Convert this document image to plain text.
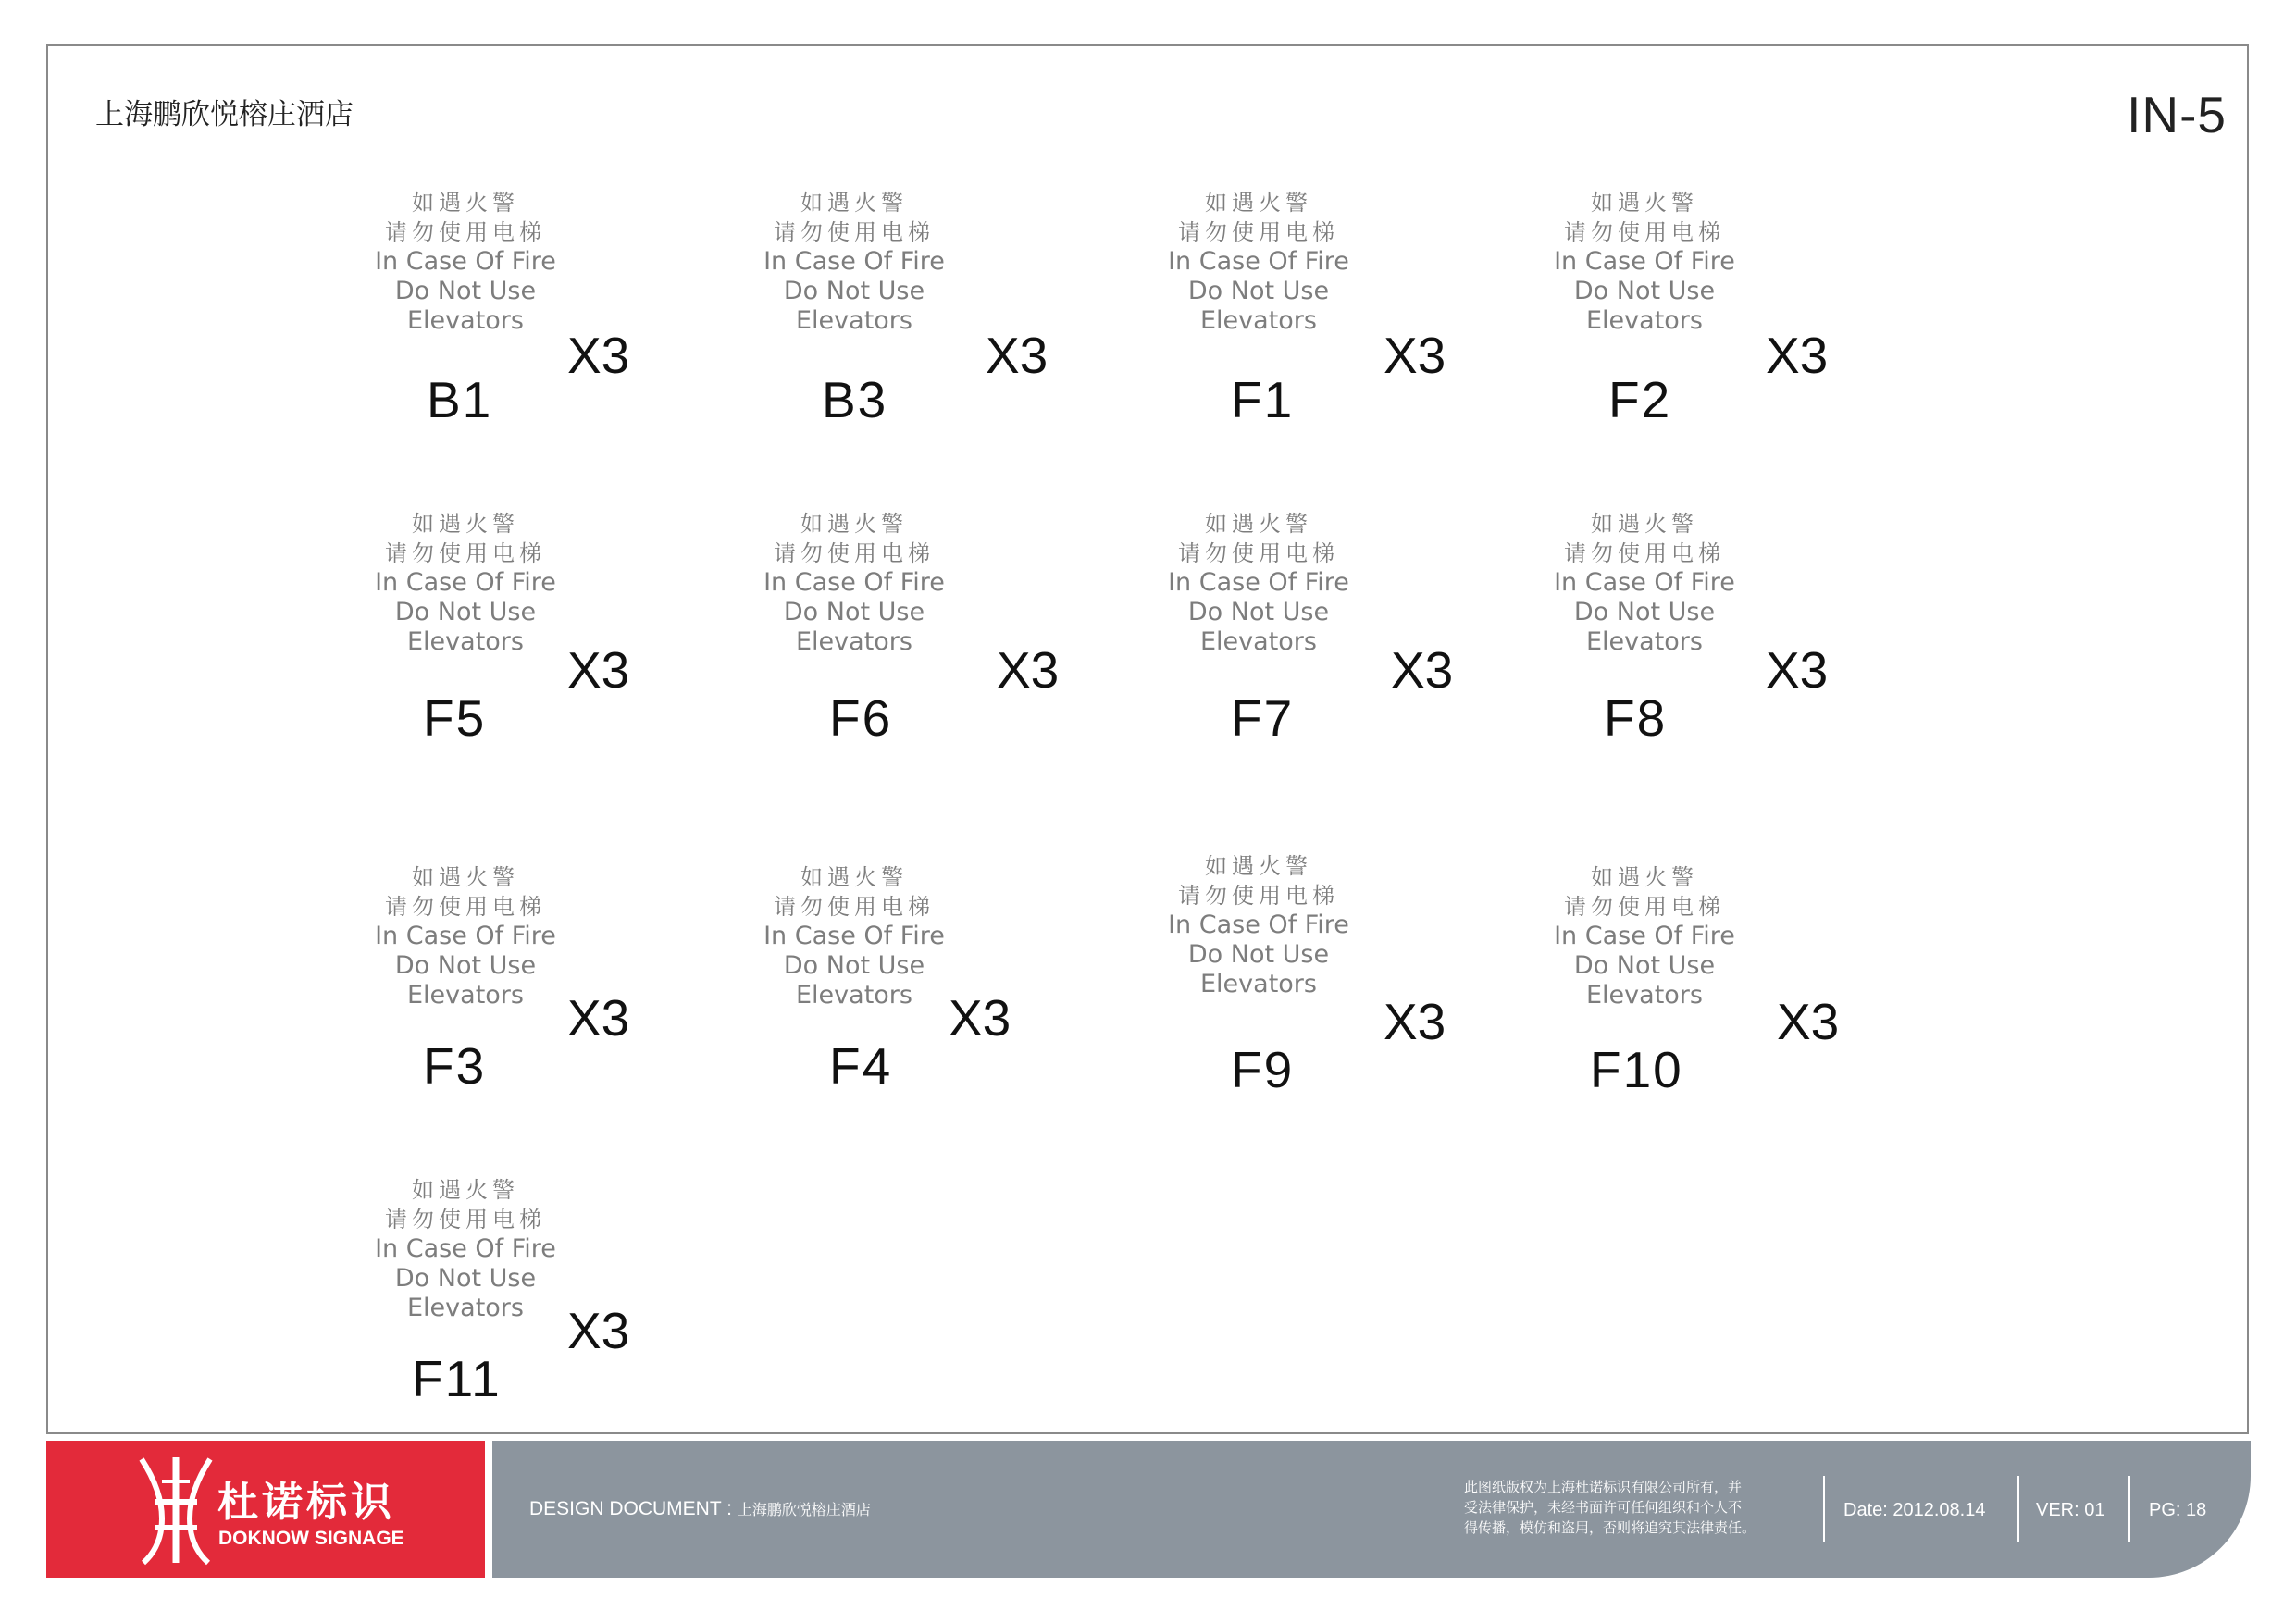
上海鹏欣悦榕庄酒店	IN-5
如遇火警
请勿使用电梯
In Case Of Fire
Do Not Use
Elevators
X3
B1
如遇火警
请勿使用电梯
In Case Of Fire
Do Not Use
Elevators
X3
B3
如遇火警
请勿使用电梯
In Case Of Fire
Do Not Use
Elevators
X3
F1
如遇火警
请勿使用电梯
In Case Of Fire
Do Not Use
Elevators
X3
F2
如遇火警
请勿使用电梯
In Case Of Fire
Do Not Use
Elevators X3
F5
如遇火警
请勿使用电梯
In Case Of Fire
Do Not Use
Elevators	X3
F6
如遇火警
请勿使用电梯
In Case Of Fire
Do Not Use
Elevators	X3
F7
如遇火警
请勿使用电梯
In Case Of Fire
Do Not Use
Elevators	X3
F8
如遇火警
请勿使用电梯
In Case Of Fire
Do Not Use
Elevators X3
F3
如遇火警
请勿使用电梯
In Case Of Fire
Do Not Use
Elevators X3
F4
如遇火警
请勿使用电梯
In Case Of Fire
Do Not Use
Elevators
X3
F9
如遇火警
请勿使用电梯
In Case Of Fire
Do Not Use
Elevators	X3
F10
如遇火警
请勿使用电梯
In Case Of Fire
Do Not Use
Elevators X3
F11
杜诺标识
DOKNOW SIGNAGE
DESIGN DOCUMENT : 上海鹏欣悦榕庄酒店
此图纸版权为上海杜诺标识有限公司所有，并
受法律保护，未经书面许可任何组织和个人不
得传播，模仿和盗用，否则将追究其法律责任。
Date: 2012.08.14	VER: 01 PG: 18
